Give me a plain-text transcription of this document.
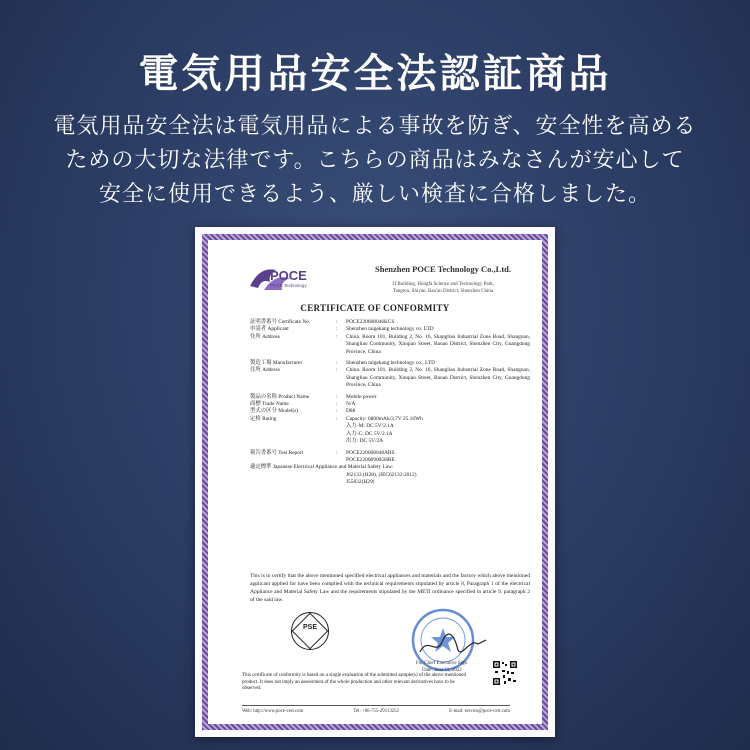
電気用品安全法認証商品
電気用品安全法は電気用品による事故を防ぎ、安全性を高める
ための大切な法律です。こちらの商品はみなさんが安心して
安全に使用できるよう、厳しい検査に合格しました。
POCE
POCE Technology
Shenzhen POCE Technology Co.,Ltd.
3f Building, Hongfa Science and Technology Park,
Tangtou, Shiyan, Bao'an District, Shenzhen China
CERTIFICATE OF CONFORMITY
証明書番号 Certificate No.	:	POCE220608046KCS
申請者 Applicant	:	Shenzhen taigekang technology co. LTD
住所 Address	:	China. Room 101, Building 2, No. 16, Shangliao Industrial Zone Road, Shangnan, Shangliao Community, Xinqiao Street, Baoan District, Shenzhen City, Guangdong Province, China
製造工場 Manufacturer	:	Shenzhen taigekang technology co., LTD
住所 Address	:	China. Room 101, Building 2, No. 16, Shangliao Industrial Zone Road, Shangnan, Shangliao Community, Xinqiao Street, Baoan District, Shenzhen City, Guangdong Province, China
製品の名称 Product Name	:	Mobile power
商標 Trade Name	:	N/A
型式の区分 Model(s)	:	D88
定格 Rating	:	Capacity: 6800mAh/3.7V 25.16Wh
入力-M: DC 5V/2.1A
入力-C: DC 5V/2.1A
出力: DC 5V/2A
報告書番号 Test Report	:	POCE220608048ARS
POCE220609005HRE
適定標準 Japanese Electrical Appliance and Material Safety Law:
J62133 (H28), (IEC62133:2012)
J55032(H29)
This is to certify that the above mentioned specified electrical appliances and materials and the factory which above mentioned applicant applied for have been complied with the technical requirements stipulated by article 8, Paragraph 1 of the electrical Appliance and Material Safety Law and the requirements stipulated by the METI ordinance specified in article 9, paragraph 2 of the said law.
PSE
For Chief Executive Sign
Date: June 11, 2022
This certificate of conformity is based on a single evaluation of the submitted sample(s) of the above mentioned product. It does not imply an assessment of the whole production and other relevant derivatives have to be observed.
Web: http://www.poce-cert.com	Tel: +86-755-29113252	E-mail: service@poce-cert.com
